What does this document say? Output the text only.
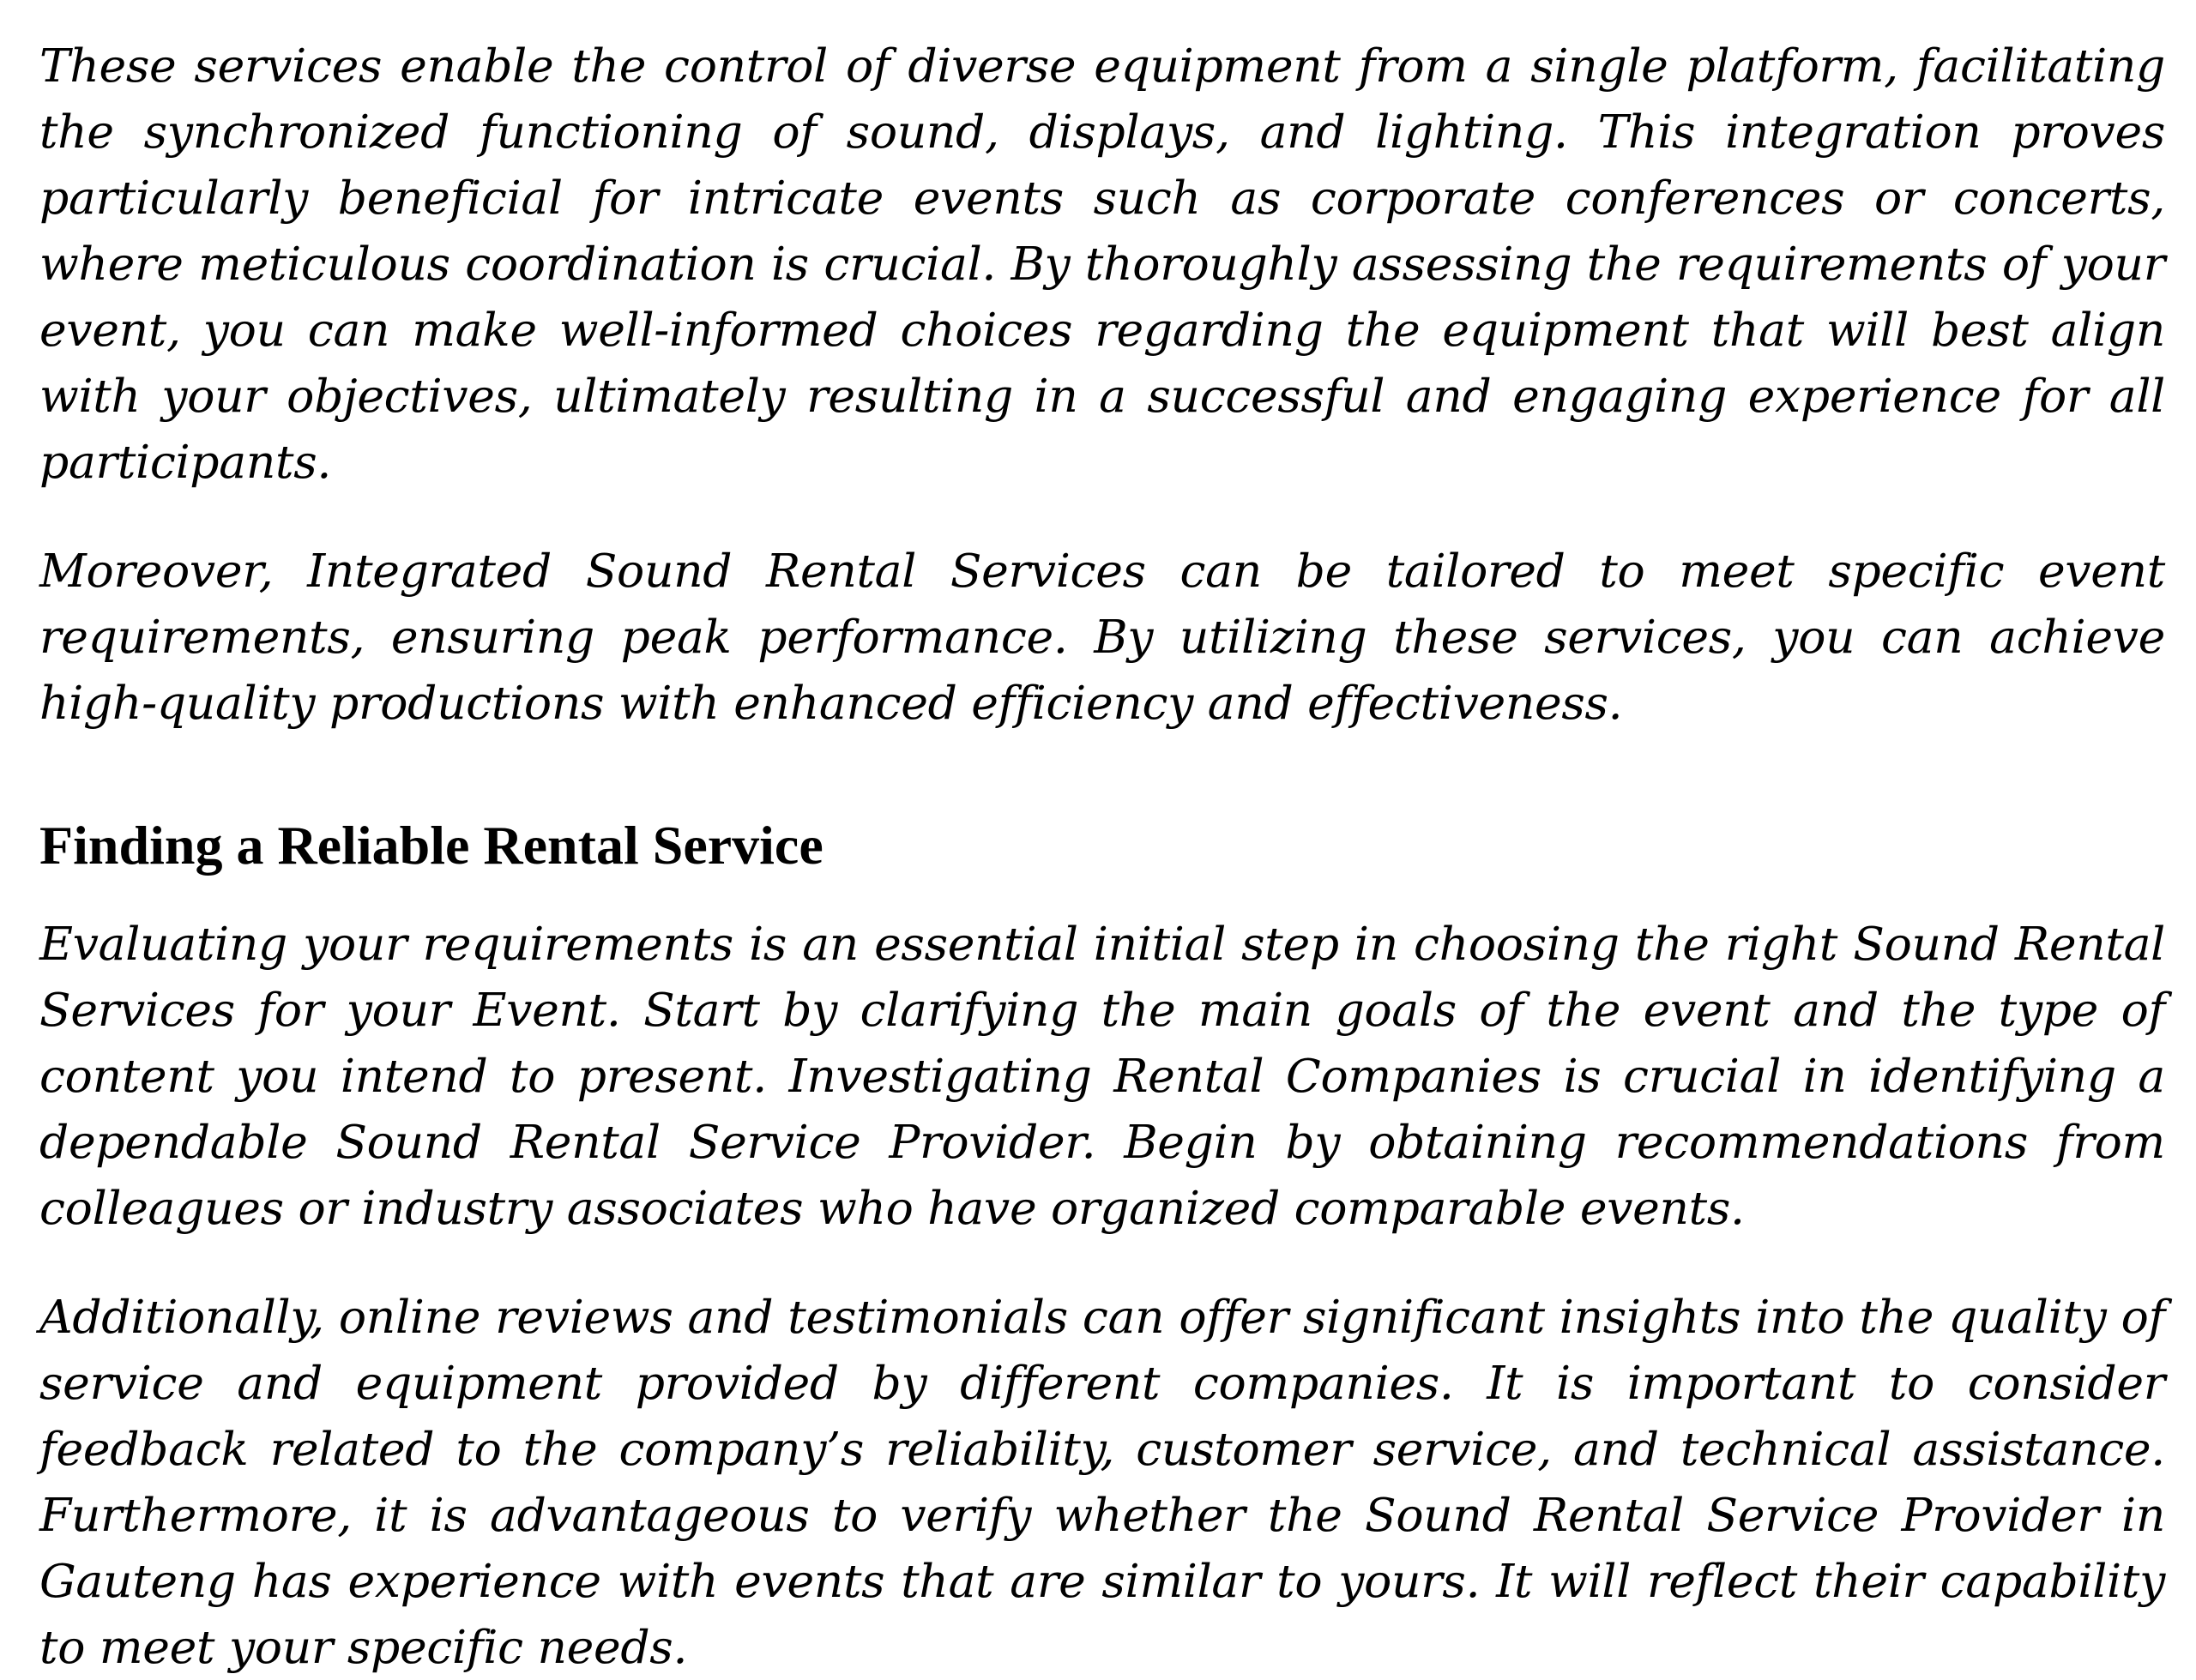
These services enable the control of diverse equipment from a single platform, facilitating the synchronized functioning of sound, displays, and lighting. This integration proves particularly beneficial for intricate events such as corporate conferences or concerts, where meticulous coordination is crucial. By thoroughly assessing the requirements of your event, you can make well-informed choices regarding the equipment that will best align with your objectives, ultimately resulting in a successful and engaging experience for all participants.

Moreover, Integrated Sound Rental Services can be tailored to meet specific event requirements, ensuring peak performance. By utilizing these services, you can achieve high-quality productions with enhanced efficiency and effectiveness.

Finding a Reliable Rental Service

Evaluating your requirements is an essential initial step in choosing the right Sound Rental Services for your Event. Start by clarifying the main goals of the event and the type of content you intend to present. Investigating Rental Companies is crucial in identifying a dependable Sound Rental Service Provider. Begin by obtaining recommendations from colleagues or industry associates who have organized comparable events.

Additionally, online reviews and testimonials can offer significant insights into the quality of service and equipment provided by different companies. It is important to consider feedback related to the company’s reliability, customer service, and technical assistance. Furthermore, it is advantageous to verify whether the Sound Rental Service Provider in Gauteng has experience with events that are similar to yours. It will reflect their capability to meet your specific needs.
